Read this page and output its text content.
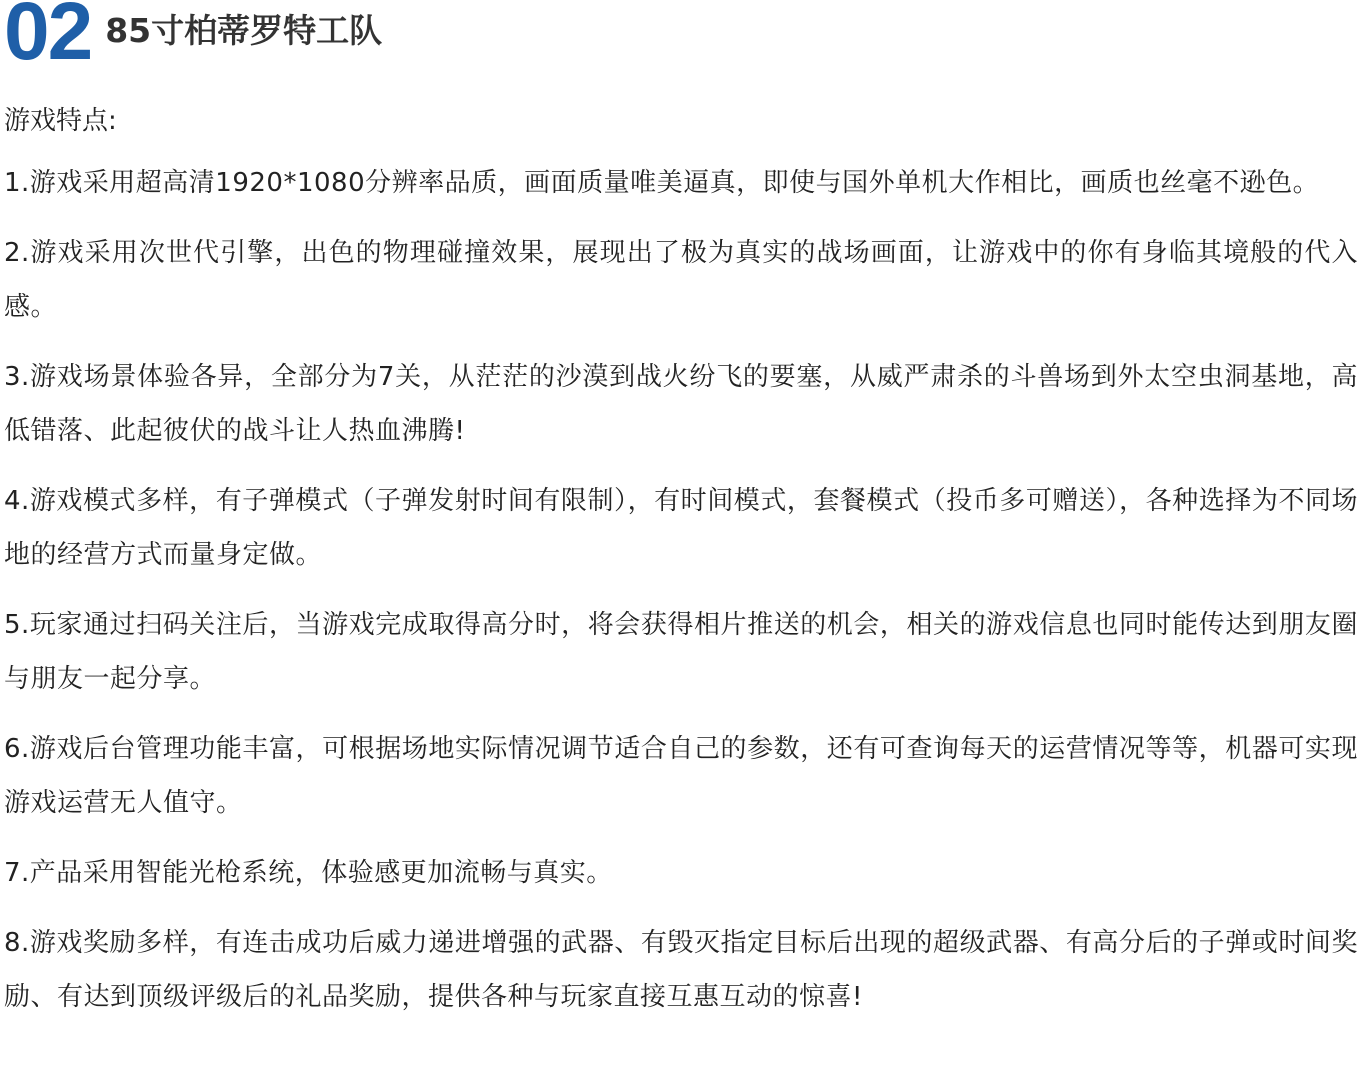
02 85寸柏蒂罗特工队

游戏特点:

1.游戏采用超高清1920*1080分辨率品质，画面质量唯美逼真，即使与国外单机大作相比，画质也丝毫不逊色。

2.游戏采用次世代引擎，出色的物理碰撞效果，展现出了极为真实的战场画面，让游戏中的你有身临其境般的代入感。

3.游戏场景体验各异，全部分为7关，从茫茫的沙漠到战火纷飞的要塞，从威严肃杀的斗兽场到外太空虫洞基地，高低错落、此起彼伏的战斗让人热血沸腾!

4.游戏模式多样，有子弹模式（子弹发射时间有限制），有时间模式，套餐模式（投币多可赠送），各种选择为不同场地的经营方式而量身定做。

5.玩家通过扫码关注后，当游戏完成取得高分时，将会获得相片推送的机会，相关的游戏信息也同时能传达到朋友圈与朋友一起分享。

6.游戏后台管理功能丰富，可根据场地实际情况调节适合自己的参数，还有可查询每天的运营情况等等，机器可实现游戏运营无人值守。

7.产品采用智能光枪系统，体验感更加流畅与真实。

8.游戏奖励多样，有连击成功后威力递进增强的武器、有毁灭指定目标后出现的超级武器、有高分后的子弹或时间奖励、有达到顶级评级后的礼品奖励，提供各种与玩家直接互惠互动的惊喜!
